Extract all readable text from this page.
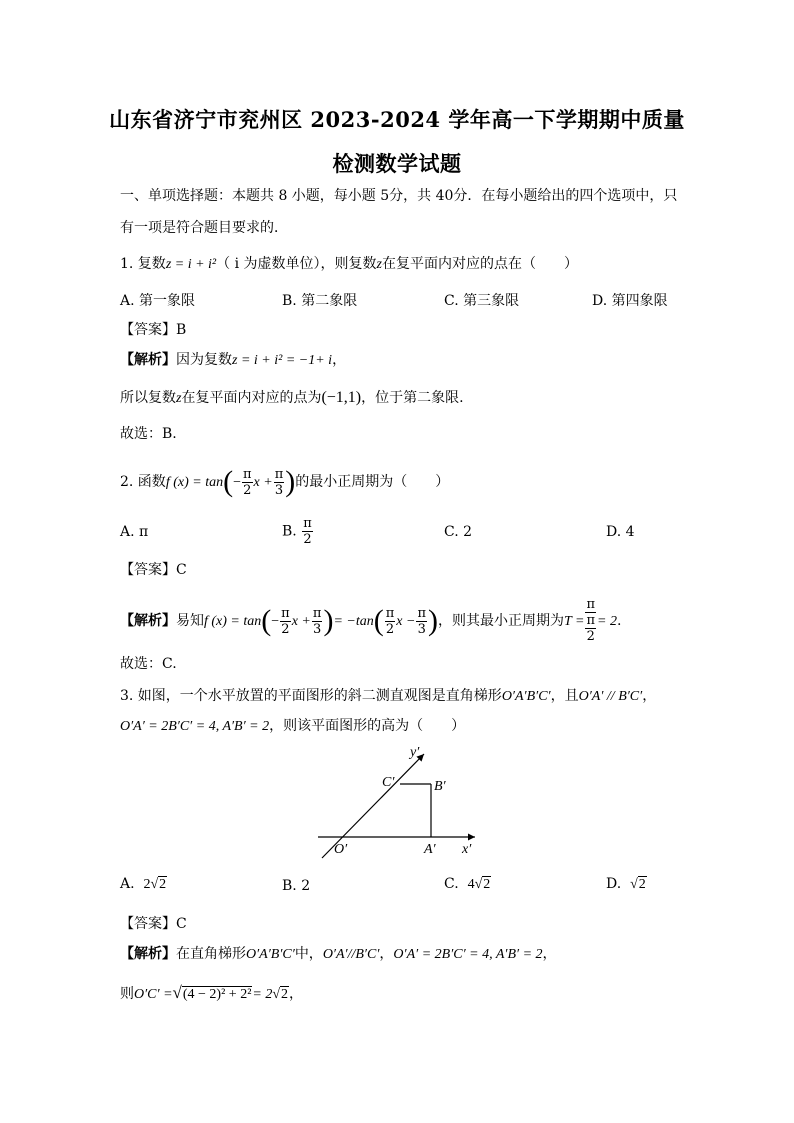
山东省济宁市兖州区 2023-2024 学年高一下学期期中质量
检测数学试题
一、单项选择题：本题共 8 小题，每小题 5分，共 40分．在每小题给出的四个选项中，只
有一项是符合题目要求的．
1. 复数z = i + i²（ i 为虚数单位），则复数z在复平面内对应的点在（　　）
A. 第一象限	B. 第二象限	C. 第三象限	D. 第四象限
【答案】B
【解析】因为复数z = i + i² = −1+ i，
所以复数z在复平面内对应的点为(−1,1)，位于第二象限.
故选：B.
2. 函数f $(x) = \tan(- \frac{\pi}{2}$ $x + \frac{\pi}{3}$ )的最小正周期为（　　）
A. π	B. $\frac{\pi}{2}$	C. 2	D. 4
【答案】C
【解析】易知f $(x) = \tan(- \frac{\pi}{2}$ $x + \frac{\pi}{3}$ )= $-\tan( \frac{\pi}{2}$ $x - \frac{\pi}{3}$ )，则其最小正周期为T = π
π
2 = 2.
故选：C.
3. 如图，一个水平放置的平面图形的斜二测直观图是直角梯形O′A′B′C′，且O′A′ // B′C′，
O′A′ = 2B′C′ = 4, A′B′ = 2，则该平面图形的高为（　　）
y′
C′	B′
O′	A′ x′
A. 2√2	B. 2	C. 4√2	D. √2
【答案】C
【解析】在直角梯形O′A′B′C′中，O′A′//B′C′，O′A′ = 2B′C′ = 4, A′B′ = 2，
则O′C′ =√(4 − 2)² + 2²= 2√2，
